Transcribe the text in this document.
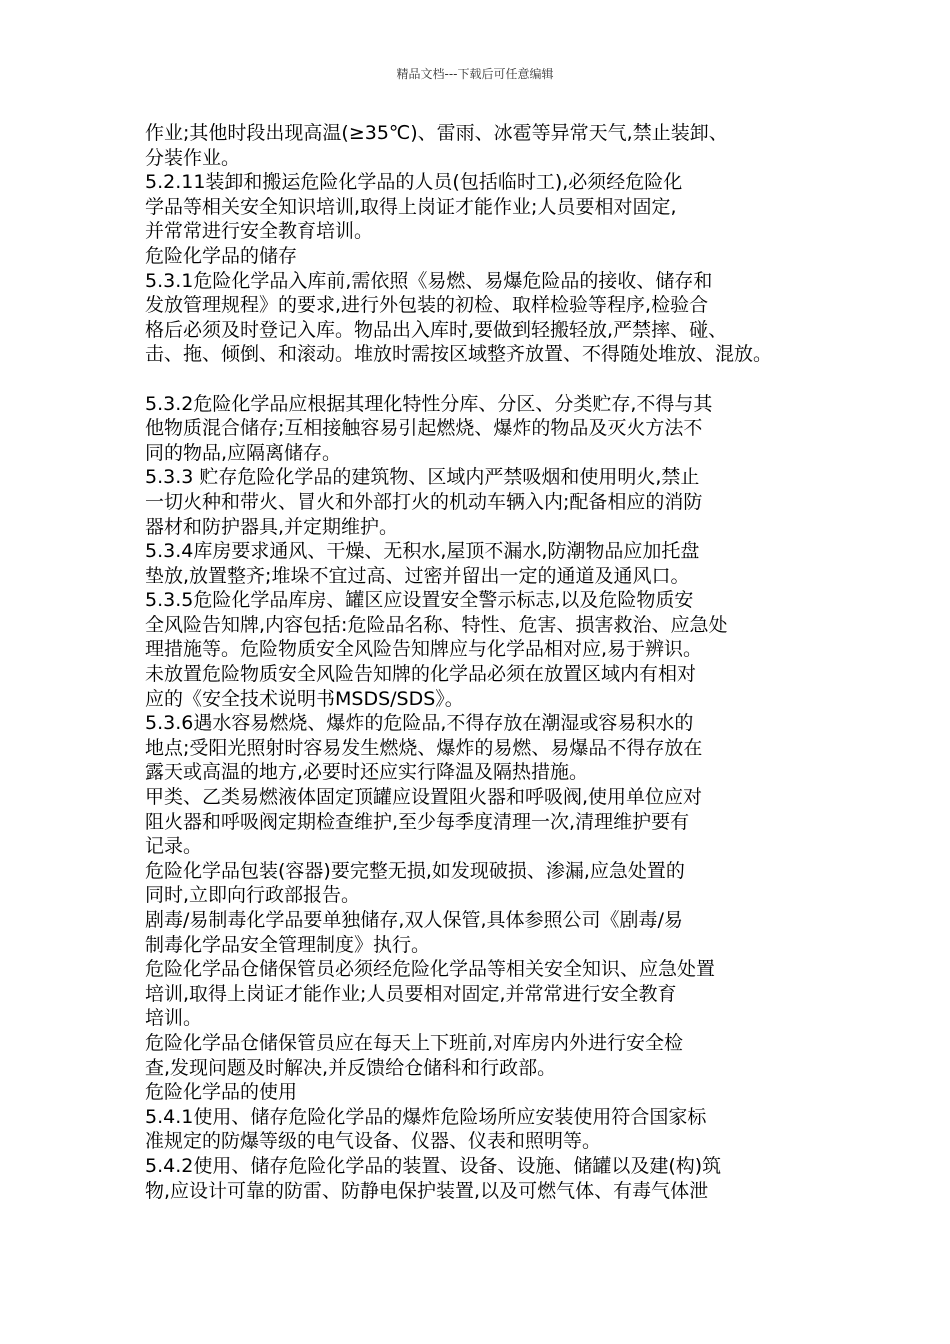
精品文档---下载后可任意编辑
作业;其他时段出现高温(≥35℃)、雷雨、冰雹等异常天气,禁止装卸、
分装作业。
5.2.11装卸和搬运危险化学品的人员(包括临时工),必须经危险化
学品等相关安全知识培训,取得上岗证才能作业;人员要相对固定,
并常常进行安全教育培训。
危险化学品的储存
5.3.1危险化学品入库前,需依照《易燃、易爆危险品的接收、储存和
发放管理规程》的要求,进行外包装的初检、取样检验等程序,检验合
格后必须及时登记入库。物品出入库时,要做到轻搬轻放,严禁摔、碰、
击、拖、倾倒、和滚动。堆放时需按区域整齐放置、不得随处堆放、混放。
5.3.2危险化学品应根据其理化特性分库、分区、分类贮存,不得与其
他物质混合储存;互相接触容易引起燃烧、爆炸的物品及灭火方法不
同的物品,应隔离储存。
5.3.3 贮存危险化学品的建筑物、区域内严禁吸烟和使用明火,禁止
一切火种和带火、冒火和外部打火的机动车辆入内;配备相应的消防
器材和防护器具,并定期维护。
5.3.4库房要求通风、干燥、无积水,屋顶不漏水,防潮物品应加托盘
垫放,放置整齐;堆垛不宜过高、过密并留出一定的通道及通风口。
5.3.5危险化学品库房、罐区应设置安全警示标志,以及危险物质安
全风险告知牌,内容包括:危险品名称、特性、危害、损害救治、应急处
理措施等。危险物质安全风险告知牌应与化学品相对应,易于辨识。
未放置危险物质安全风险告知牌的化学品必须在放置区域内有相对
应的《安全技术说明书MSDS/SDS》。
5.3.6遇水容易燃烧、爆炸的危险品,不得存放在潮湿或容易积水的
地点;受阳光照射时容易发生燃烧、爆炸的易燃、易爆品不得存放在
露天或高温的地方,必要时还应实行降温及隔热措施。
甲类、乙类易燃液体固定顶罐应设置阻火器和呼吸阀,使用单位应对
阻火器和呼吸阀定期检查维护,至少每季度清理一次,清理维护要有
记录。
危险化学品包装(容器)要完整无损,如发现破损、渗漏,应急处置的
同时,立即向行政部报告。
剧毒/易制毒化学品要单独储存,双人保管,具体参照公司《剧毒/易
制毒化学品安全管理制度》执行。
危险化学品仓储保管员必须经危险化学品等相关安全知识、应急处置
培训,取得上岗证才能作业;人员要相对固定,并常常进行安全教育
培训。
危险化学品仓储保管员应在每天上下班前,对库房内外进行安全检
查,发现问题及时解决,并反馈给仓储科和行政部。
危险化学品的使用
5.4.1使用、储存危险化学品的爆炸危险场所应安装使用符合国家标
准规定的防爆等级的电气设备、仪器、仪表和照明等。
5.4.2使用、储存危险化学品的装置、设备、设施、储罐以及建(构)筑
物,应设计可靠的防雷、防静电保护装置,以及可燃气体、有毒气体泄
